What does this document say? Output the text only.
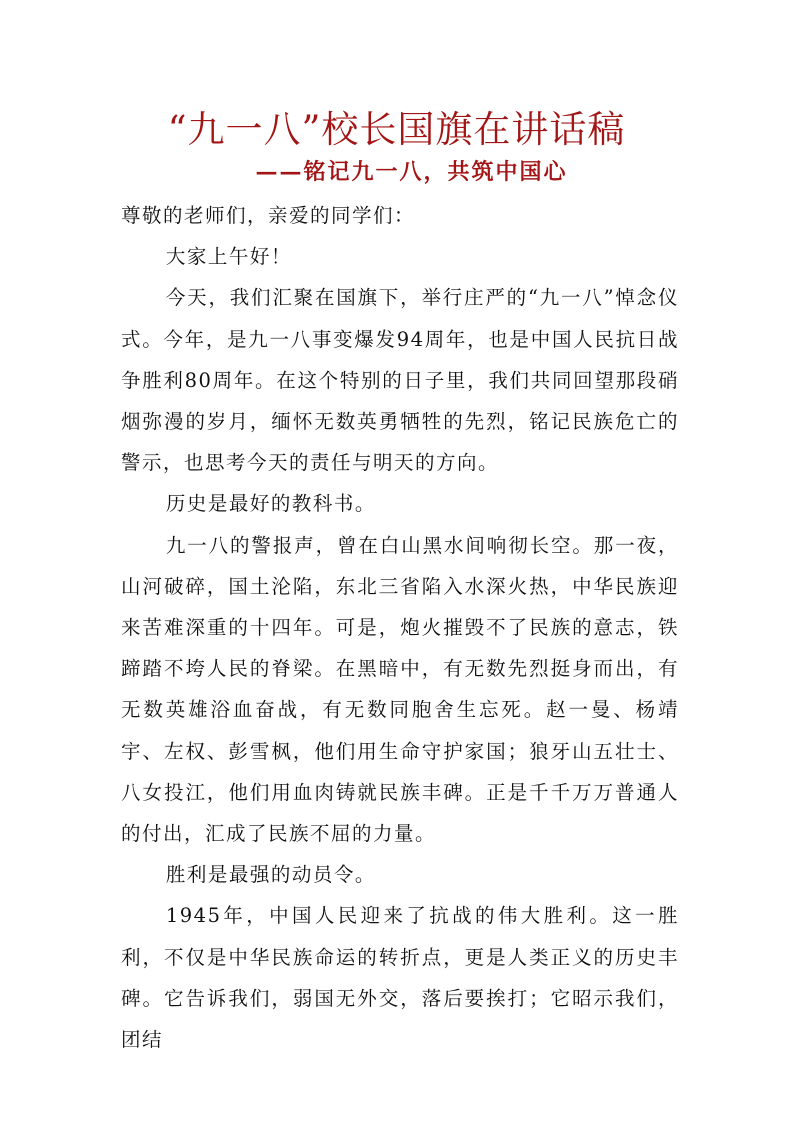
“九一八”校长国旗在讲话稿
——铭记九一八，共筑中国心

尊敬的老师们，亲爱的同学们：

大家上午好！

今天，我们汇聚在国旗下，举行庄严的“九一八”悼念仪式。今年，是九一八事变爆发94周年，也是中国人民抗日战争胜利80周年。在这个特别的日子里，我们共同回望那段硝烟弥漫的岁月，缅怀无数英勇牺牲的先烈，铭记民族危亡的警示，也思考今天的责任与明天的方向。

历史是最好的教科书。

九一八的警报声，曾在白山黑水间响彻长空。那一夜，山河破碎，国土沦陷，东北三省陷入水深火热，中华民族迎来苦难深重的十四年。可是，炮火摧毁不了民族的意志，铁蹄踏不垮人民的脊梁。在黑暗中，有无数先烈挺身而出，有无数英雄浴血奋战，有无数同胞舍生忘死。赵一曼、杨靖宇、左权、彭雪枫，他们用生命守护家国；狼牙山五壮士、八女投江，他们用血肉铸就民族丰碑。正是千千万万普通人的付出，汇成了民族不屈的力量。

胜利是最强的动员令。

1945年，中国人民迎来了抗战的伟大胜利。这一胜利，不仅是中华民族命运的转折点，更是人类正义的历史丰碑。它告诉我们，弱国无外交，落后要挨打；它昭示我们，团结
